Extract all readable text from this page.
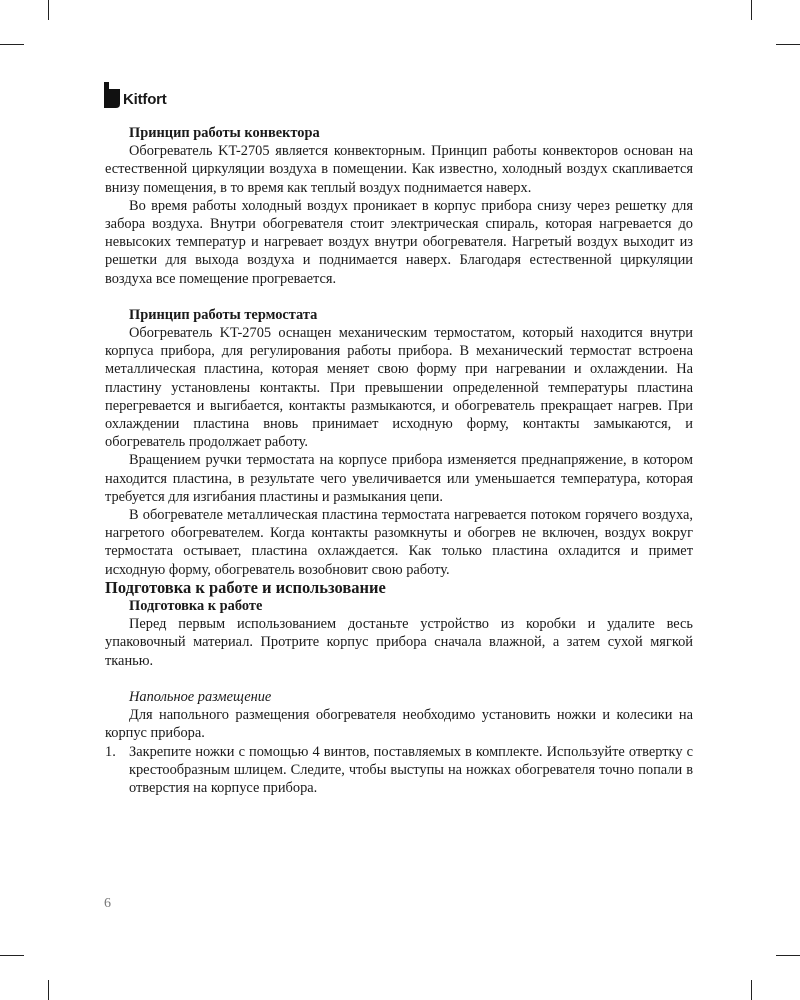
Kitfort

Принцип работы конвектора

Обогреватель KT-2705 является конвекторным. Принцип работы конвекторов основан на естественной циркуляции воздуха в помещении. Как известно, холодный воздух скапливается внизу помещения, в то время как теплый воздух поднимается наверх.

Во время работы холодный воздух проникает в корпус прибора снизу через решетку для забора воздуха. Внутри обогревателя стоит электрическая спираль, которая нагревается до невысоких температур и нагревает воздух внутри обогревателя. Нагретый воздух выходит из решетки для выхода воздуха и поднимается наверх. Благодаря естественной циркуляции воздуха все помещение прогревается.

Принцип работы термостата

Обогреватель KT-2705 оснащен механическим термостатом, который находится внутри корпуса прибора, для регулирования работы прибора. В механический термостат встроена металлическая пластина, которая меняет свою форму при нагревании и охлаждении. На пластину установлены контакты. При превышении определенной температуры пластина перегревается и выгибается, контакты размыкаются, и обогреватель прекращает нагрев. При охлаждении пластина вновь принимает исходную форму, контакты замыкаются, и обогреватель продолжает работу.

Вращением ручки термостата на корпусе прибора изменяется преднапряжение, в котором находится пластина, в результате чего увеличивается или уменьшается температура, которая требуется для изгибания пластины и размыкания цепи.

В обогревателе металлическая пластина термостата нагревается потоком горячего воздуха, нагретого обогревателем. Когда контакты разомкнуты и обогрев не включен, воздух вокруг термостата остывает, пластина охлаждается. Как только пластина охладится и примет исходную форму, обогреватель возобновит свою работу.

Подготовка к работе и использование

Подготовка к работе

Перед первым использованием достаньте устройство из коробки и удалите весь упаковочный материал. Протрите корпус прибора сначала влажной, а затем сухой мягкой тканью.

Напольное размещение

Для напольного размещения обогревателя необходимо установить ножки и колесики на корпус прибора.

1. Закрепите ножки с помощью 4 винтов, поставляемых в комплекте. Используйте отвертку с крестообразным шлицем. Следите, чтобы выступы на ножках обогревателя точно попали в отверстия на корпусе прибора.
6
